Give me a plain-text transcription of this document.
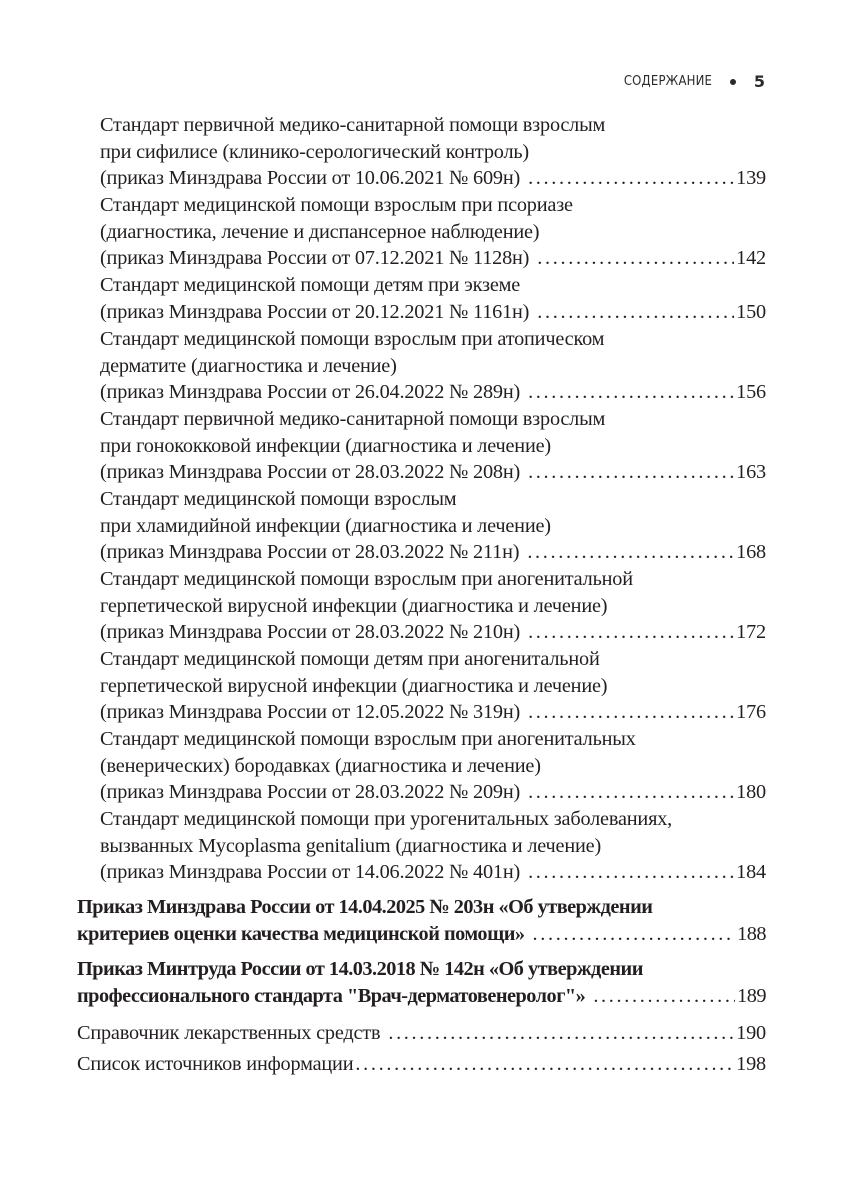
СОДЕРЖАНИЕ	5
Стандарт первичной медико-санитарной помощи взрослым
при сифилисе (клинико-серологический контроль)
(приказ Минздрава России от 10.06.2021 № 609н) . . .	139
Стандарт медицинской помощи взрослым при псориазе
(диагностика, лечение и диспансерное наблюдение)
(приказ Минздрава России от 07.12.2021 № 1128н) . . .	142
Стандарт медицинской помощи детям при экземе
(приказ Минздрава России от 20.12.2021 № 1161н) . . .	150
Стандарт медицинской помощи взрослым при атопическом
дерматите (диагностика и лечение)
(приказ Минздрава России от 26.04.2022 № 289н) . . .	156
Стандарт первичной медико-санитарной помощи взрослым
при гонококковой инфекции (диагностика и лечение)
(приказ Минздрава России от 28.03.2022 № 208н) . . .	163
Стандарт медицинской помощи взрослым
при хламидийной инфекции (диагностика и лечение)
(приказ Минздрава России от 28.03.2022 № 211н) . . .	168
Стандарт медицинской помощи взрослым при аногенитальной
герпетической вирусной инфекции (диагностика и лечение)
(приказ Минздрава России от 28.03.2022 № 210н) . . .	172
Стандарт медицинской помощи детям при аногенитальной
герпетической вирусной инфекции (диагностика и лечение)
(приказ Минздрава России от 12.05.2022 № 319н) . . .	176
Стандарт медицинской помощи взрослым при аногенитальных
(венерических) бородавках (диагностика и лечение)
(приказ Минздрава России от 28.03.2022 № 209н) . . .	180
Стандарт медицинской помощи при урогенитальных заболеваниях,
вызванных Mycoplasma genitalium (диагностика и лечение)
(приказ Минздрава России от 14.06.2022 № 401н) . . .	184
Приказ Минздрава России от 14.04.2025 № 203н «Об утверждении
критериев оценки качества медицинской помощи» . . .	188
Приказ Минтруда России от 14.03.2018 № 142н «Об утверждении
профессионального стандарта "Врач-дерматовенеролог"» . . .	189
Справочник лекарственных средств . . .	190
Список источников информации . . .	198
